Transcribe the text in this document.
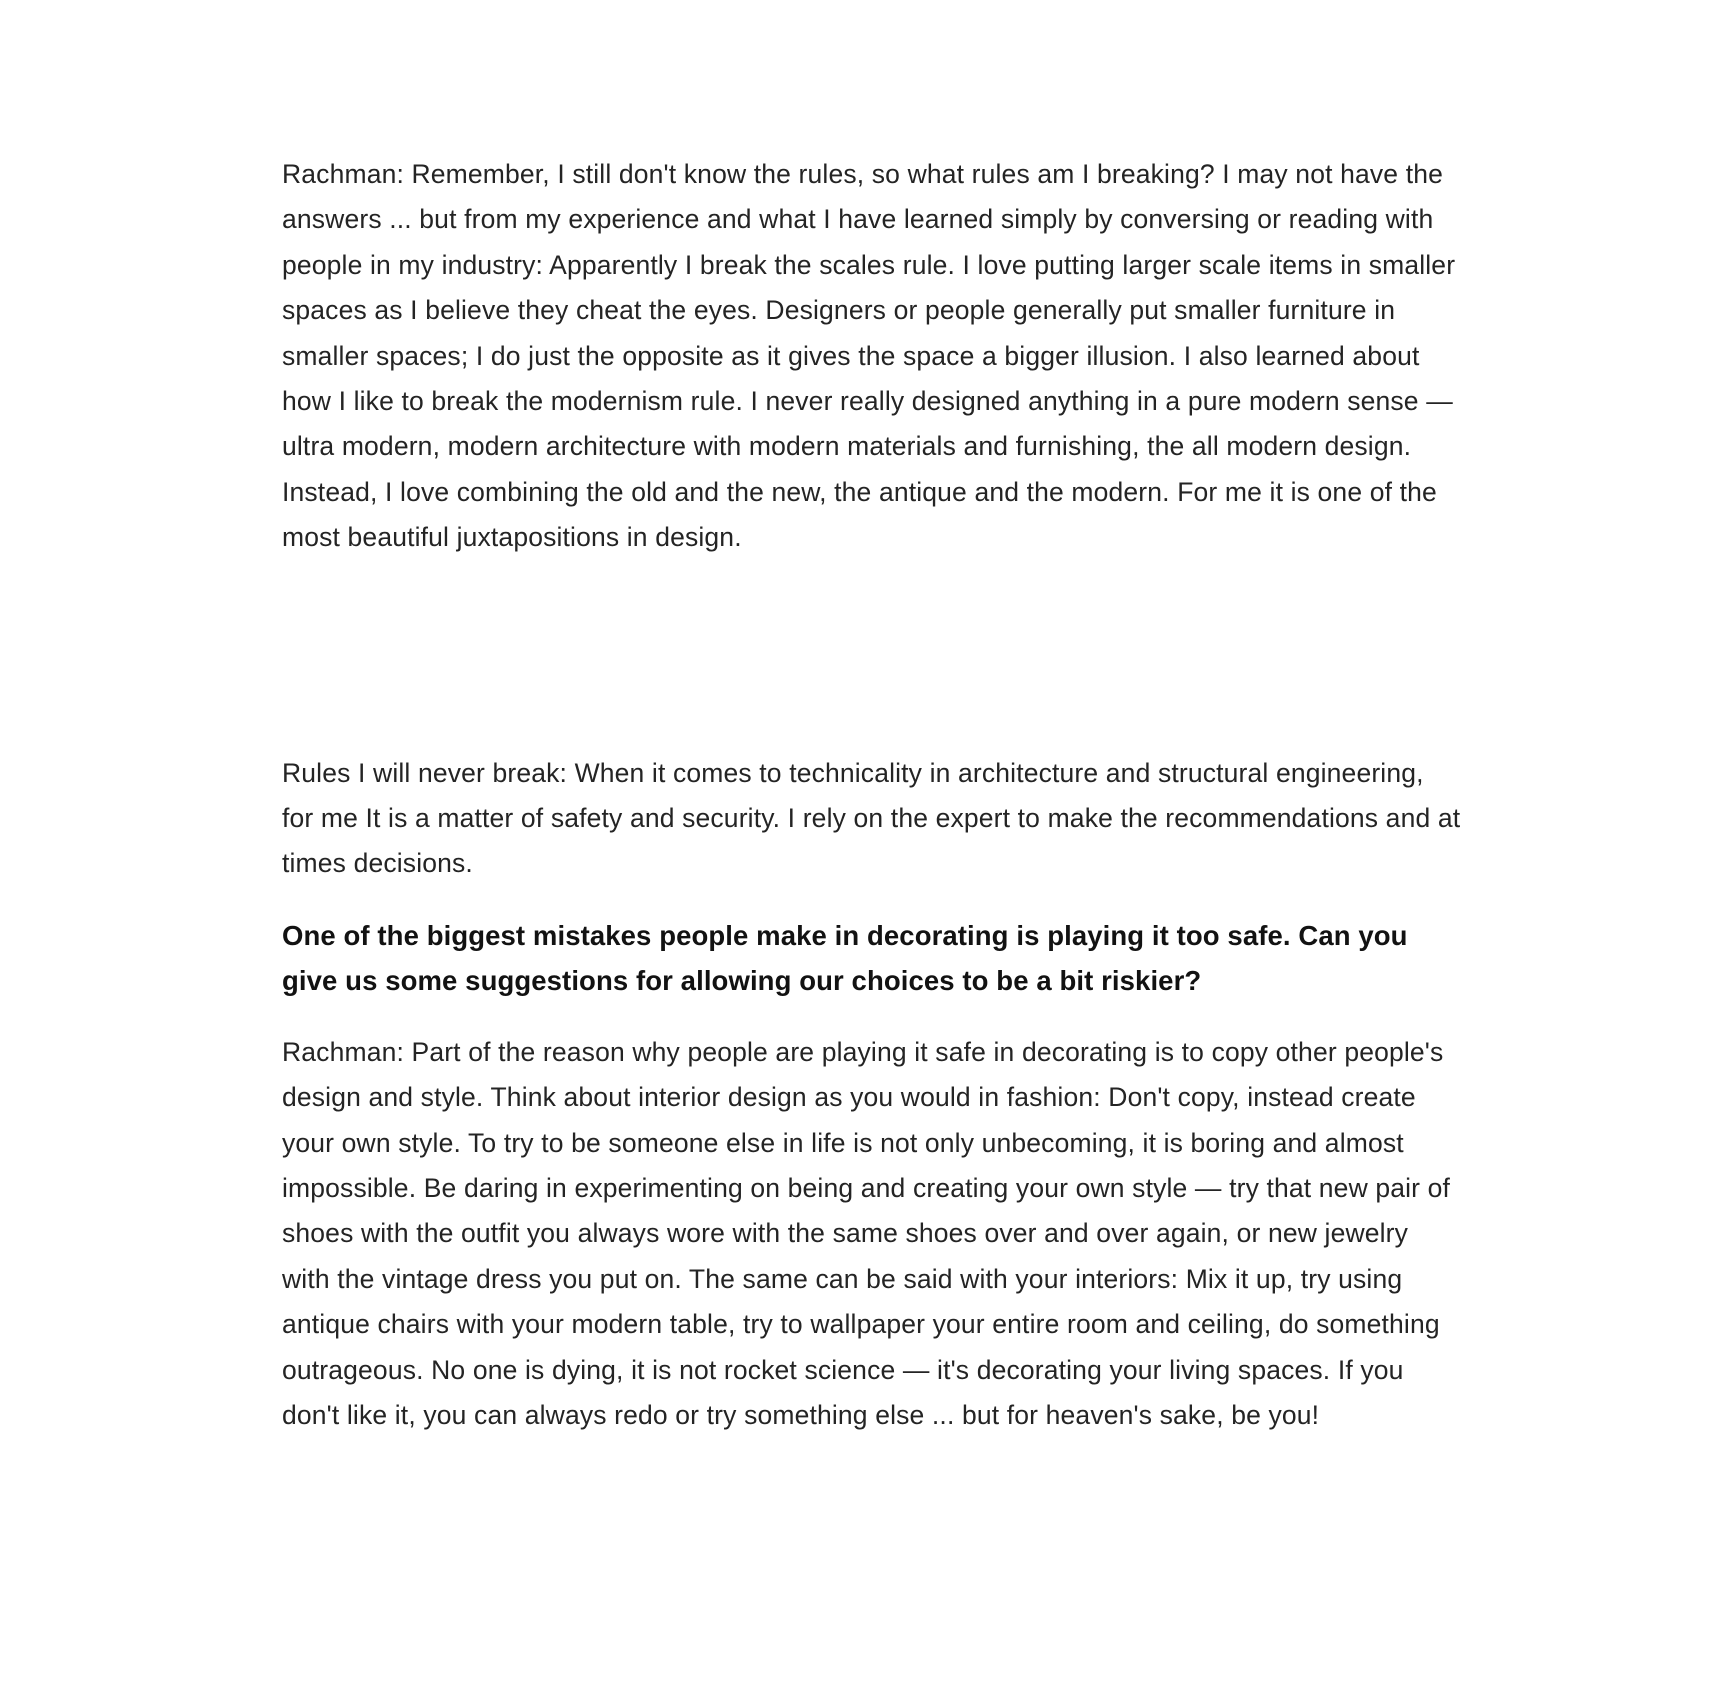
Rachman: Remember, I still don't know the rules, so what rules am I breaking? I may not have the answers ... but from my experience and what I have learned simply by conversing or reading with people in my industry: Apparently I break the scales rule. I love putting larger scale items in smaller spaces as I believe they cheat the eyes. Designers or people generally put smaller furniture in smaller spaces; I do just the opposite as it gives the space a bigger illusion. I also learned about how I like to break the modernism rule. I never really designed anything in a pure modern sense — ultra modern, modern architecture with modern materials and furnishing, the all modern design. Instead, I love combining the old and the new, the antique and the modern. For me it is one of the most beautiful juxtapositions in design.

Rules I will never break: When it comes to technicality in architecture and structural engineering, for me It is a matter of safety and security. I rely on the expert to make the recommendations and at times decisions.

One of the biggest mistakes people make in decorating is playing it too safe. Can you give us some suggestions for allowing our choices to be a bit riskier?

Rachman: Part of the reason why people are playing it safe in decorating is to copy other people's design and style. Think about interior design as you would in fashion: Don't copy, instead create your own style. To try to be someone else in life is not only unbecoming, it is boring and almost impossible. Be daring in experimenting on being and creating your own style — try that new pair of shoes with the outfit you always wore with the same shoes over and over again, or new jewelry with the vintage dress you put on. The same can be said with your interiors: Mix it up, try using antique chairs with your modern table, try to wallpaper your entire room and ceiling, do something outrageous. No one is dying, it is not rocket science — it's decorating your living spaces. If you don't like it, you can always redo or try something else ... but for heaven's sake, be you!
